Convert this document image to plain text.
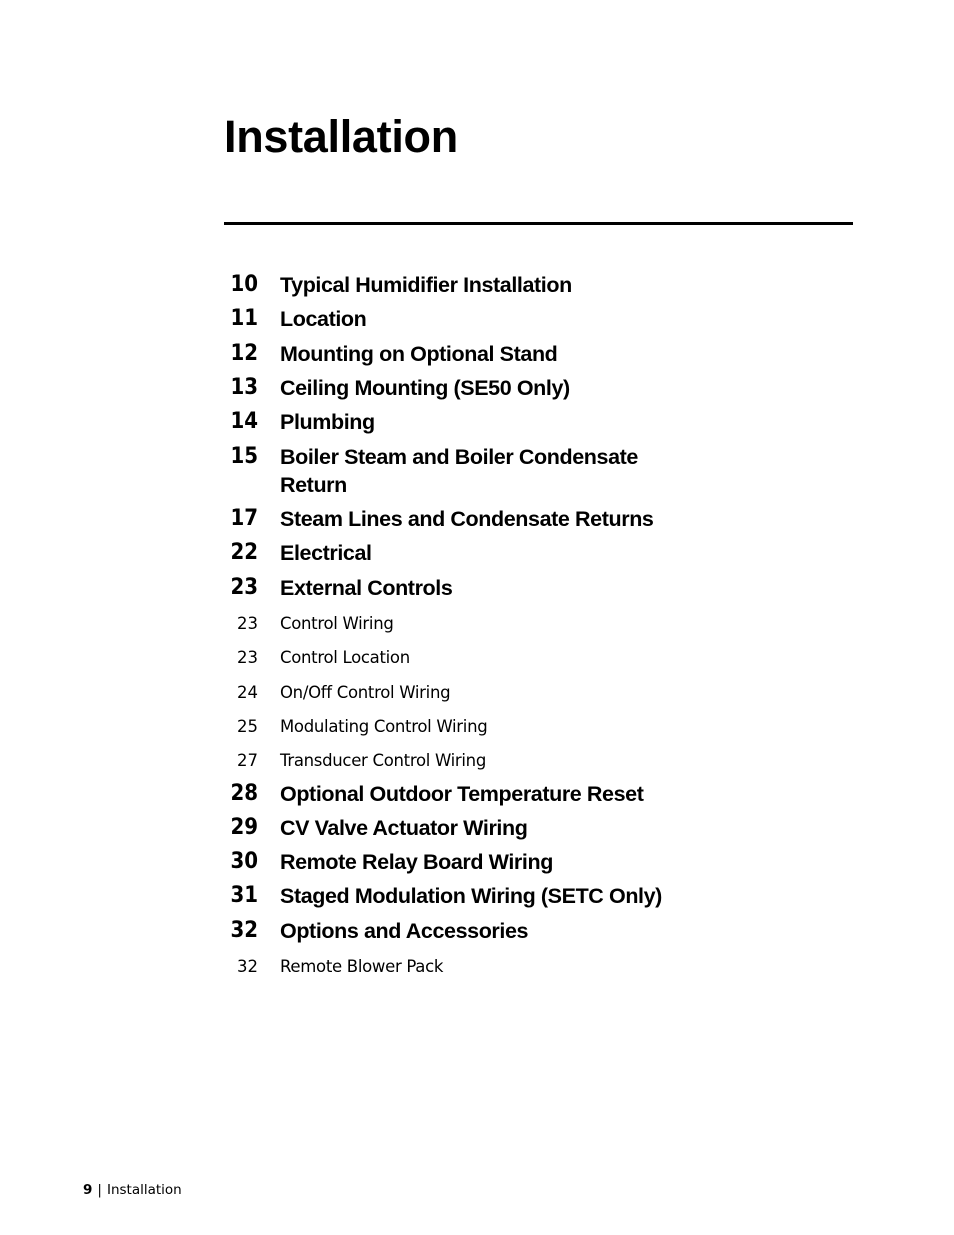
Installation
10 Typical Humidifier Installation
11 Location
12 Mounting on Optional Stand
13 Ceiling Mounting (SE50 Only)
14 Plumbing
15 Boiler Steam and Boiler Condensate Return
17 Steam Lines and Condensate Returns
22 Electrical
23 External Controls
23 Control Wiring
23 Control Location
24 On/Off Control Wiring
25 Modulating Control Wiring
27 Transducer Control Wiring
28 Optional Outdoor Temperature Reset
29 CV Valve Actuator Wiring
30 Remote Relay Board Wiring
31 Staged Modulation Wiring (SETC Only)
32 Options and Accessories
32 Remote Blower Pack
9 | Installation
